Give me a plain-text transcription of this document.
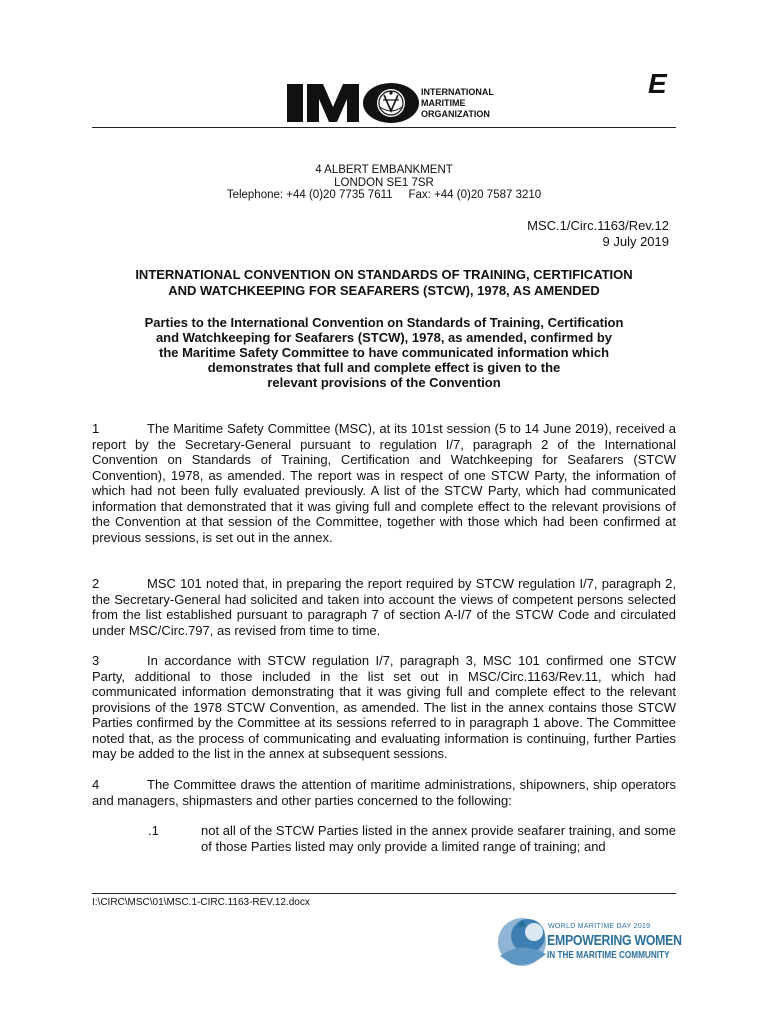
INTERNATIONAL
MARITIME
ORGANIZATION
E
4 ALBERT EMBANKMENT
LONDON SE1 7SR
Telephone: +44 (0)20 7735 7611     Fax: +44 (0)20 7587 3210
MSC.1/Circ.1163/Rev.12
9 July 2019
INTERNATIONAL CONVENTION ON STANDARDS OF TRAINING, CERTIFICATION
AND WATCHKEEPING FOR SEAFARERS (STCW), 1978, AS AMENDED
Parties to the International Convention on Standards of Training, Certification
and Watchkeeping for Seafarers (STCW), 1978, as amended, confirmed by
the Maritime Safety Committee to have communicated information which
demonstrates that full and complete effect is given to the
relevant provisions of the Convention

1	The Maritime Safety Committee (MSC), at its 101st session (5 to 14 June 2019), received a report by the Secretary-General pursuant to regulation I/7, paragraph 2 of the International Convention on Standards of Training, Certification and Watchkeeping for Seafarers (STCW Convention), 1978, as amended. The report was in respect of one STCW Party, the information of which had not been fully evaluated previously. A list of the STCW Party, which had communicated information that demonstrated that it was giving full and complete effect to the relevant provisions of the Convention at that session of the Committee, together with those which had been confirmed at previous sessions, is set out in the annex.

2	MSC 101 noted that, in preparing the report required by STCW regulation I/7, paragraph 2, the Secretary-General had solicited and taken into account the views of competent persons selected from the list established pursuant to paragraph 7 of section A-I/7 of the STCW Code and circulated under MSC/Circ.797, as revised from time to time.

3	In accordance with STCW regulation I/7, paragraph 3, MSC 101 confirmed one STCW Party, additional to those included in the list set out in MSC/Circ.1163/Rev.11, which had communicated information demonstrating that it was giving full and complete effect to the relevant provisions of the 1978 STCW Convention, as amended. The list in the annex contains those STCW Parties confirmed by the Committee at its sessions referred to in paragraph 1 above. The Committee noted that, as the process of communicating and evaluating information is continuing, further Parties may be added to the list in the annex at subsequent sessions.

4	The Committee draws the attention of maritime administrations, shipowners, ship operators and managers, shipmasters and other parties concerned to the following:

.1	not all of the STCW Parties listed in the annex provide seafarer training, and some of those Parties listed may only provide a limited range of training; and

I:\CIRC\MSC\01\MSC.1-CIRC.1163-REV.12.docx
WORLD MARITIME DAY 2019
EMPOWERING WOMEN
IN THE MARITIME COMMUNITY
